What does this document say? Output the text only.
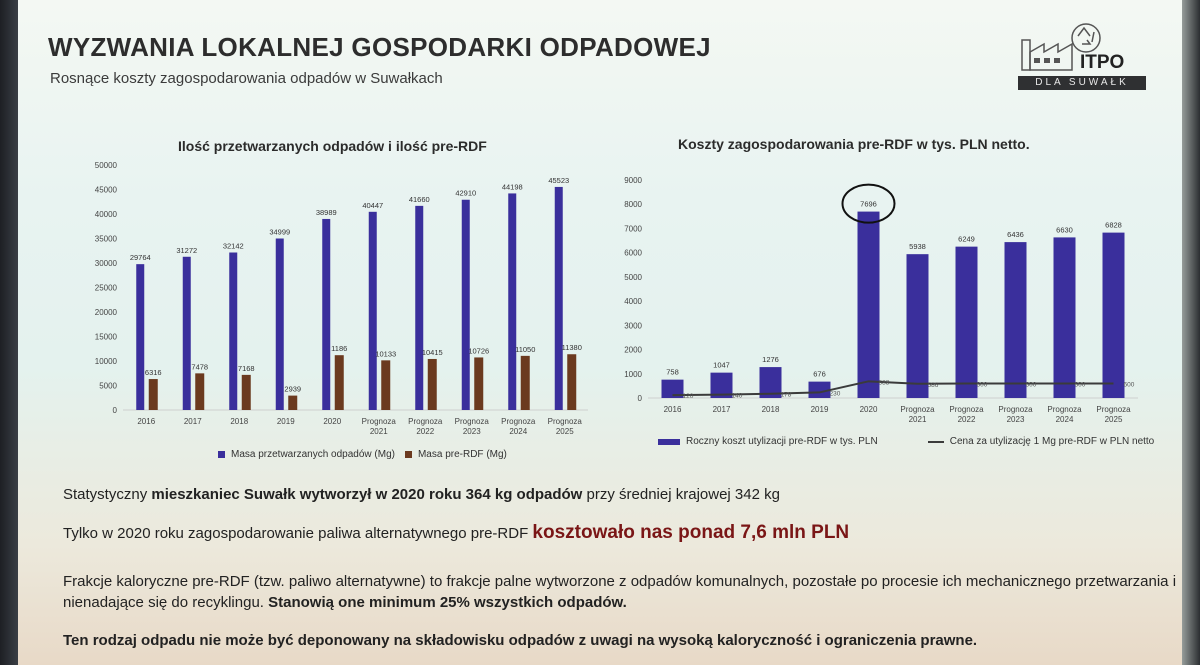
WYZWANIA LOKALNEJ GOSPODARKI ODPADOWEJ
Rosnące koszty zagospodarowania odpadów w Suwałkach
ITPO
DLA SUWAŁK
Ilość przetwarzanych odpadów i ilość pre-RDF
0
5000
10000
15000
20000
25000
30000
35000
40000
45000
50000
29764
6316
2016
31272
7478
2017
32142
7168
2018
34999
2939
2019
38989
1186
2020
40447
10133
Prognoza 2021
41660
10415
Prognoza 2022
42910
10726
Prognoza 2023
44198
11050
Prognoza 2024
45523
11380
Prognoza 2025
Masa przetwarzanych odpadów (Mg) Masa pre-RDF (Mg)
Koszty zagospodarowania pre-RDF w tys. PLN netto.
0
1000
2000
3000
4000
5000
6000
7000
8000
9000
758
2016
1047
2017
1276
2018
676
2019
7696
2020
5938
Prognoza 2021
6249
Prognoza 2022
6436
Prognoza 2023
6630
Prognoza 2024
6828
Prognoza 2025
120	140	178	230
688	586	600	600	600	600
Roczny koszt utylizacji pre-RDF w tys. PLN	Cena za utylizację 1 Mg pre-RDF w PLN netto
Statystyczny mieszkaniec Suwałk wytworzył w 2020 roku 364 kg odpadów przy średniej krajowej 342 kg
Tylko w 2020 roku zagospodarowanie paliwa alternatywnego pre-RDF kosztowało nas ponad 7,6 mln PLN
Frakcje kaloryczne pre-RDF (tzw. paliwo alternatywne) to frakcje palne wytworzone z odpadów komunalnych, pozostałe po procesie ich mechanicznego przetwarzania i nienadające się do recyklingu. Stanowią one minimum 25% wszystkich odpadów.
Ten rodzaj odpadu nie może być deponowany na składowisku odpadów z uwagi na wysoką kaloryczność i ograniczenia prawne.
